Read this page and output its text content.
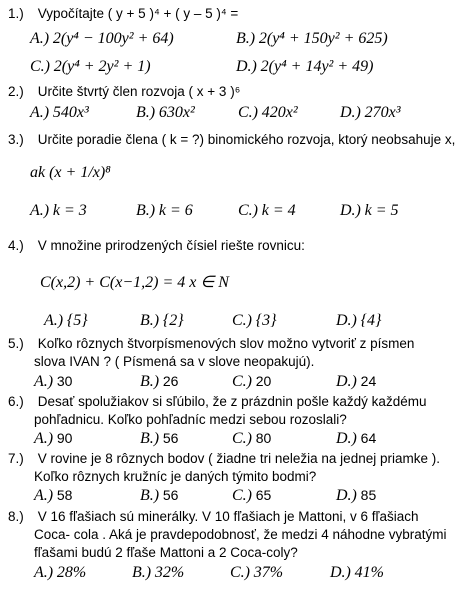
1.) Vypočítajte ( y + 5 )⁴ + ( y – 5 )⁴ =
A.) 2(y⁴ − 100y² + 64)	B.) 2(y⁴ + 150y² + 625)
C.) 2(y⁴ + 2y² + 1)	D.) 2(y⁴ + 14y² + 49)
2.) Určite štvrtý člen rozvoja ( x + 3 )⁶
A.) 540x³	B.) 630x²	C.) 420x²	D.) 270x³
3.) Určite poradie člena ( k = ?) binomického rozvoja, ktorý neobsahuje x,
ak (x + 1/x)⁸
A.) k = 3	B.) k = 6	C.) k = 4	D.) k = 5
4.) V množine prirodzených čísiel riešte rovnicu:
C(x,2) + C(x−1,2) = 4 x ∈ N
A.) {5}	B.) {2}	C.) {3}	D.) {4}
5.) Koľko rôznych štvorpísmenových slov možno vytvoriť z písmen
slova IVAN ? ( Písmená sa v slove neopakujú).
A.) 30	B.) 26	C.) 20	D.) 24
6.) Desať spolužiakov si sľúbilo, že z prázdnin pošle každý každému
pohľadnicu. Koľko pohľadníc medzi sebou rozoslali?
A.) 90	B.) 56	C.) 80	D.) 64
7.) V rovine je 8 rôznych bodov ( žiadne tri neležia na jednej priamke ).
Koľko rôznych kružníc je daných týmito bodmi?
A.) 58	B.) 56	C.) 65	D.) 85
8.) V 16 fľašiach sú minerálky. V 10 fľašiach je Mattoni, v 6 fľašiach
Coca- cola . Aká je pravdepodobnosť, že medzi 4 náhodne vybratými
fľašami budú 2 fľaše Mattoni a 2 Coca-coly?
A.) 28%	B.) 32%	C.) 37%	D.) 41%
